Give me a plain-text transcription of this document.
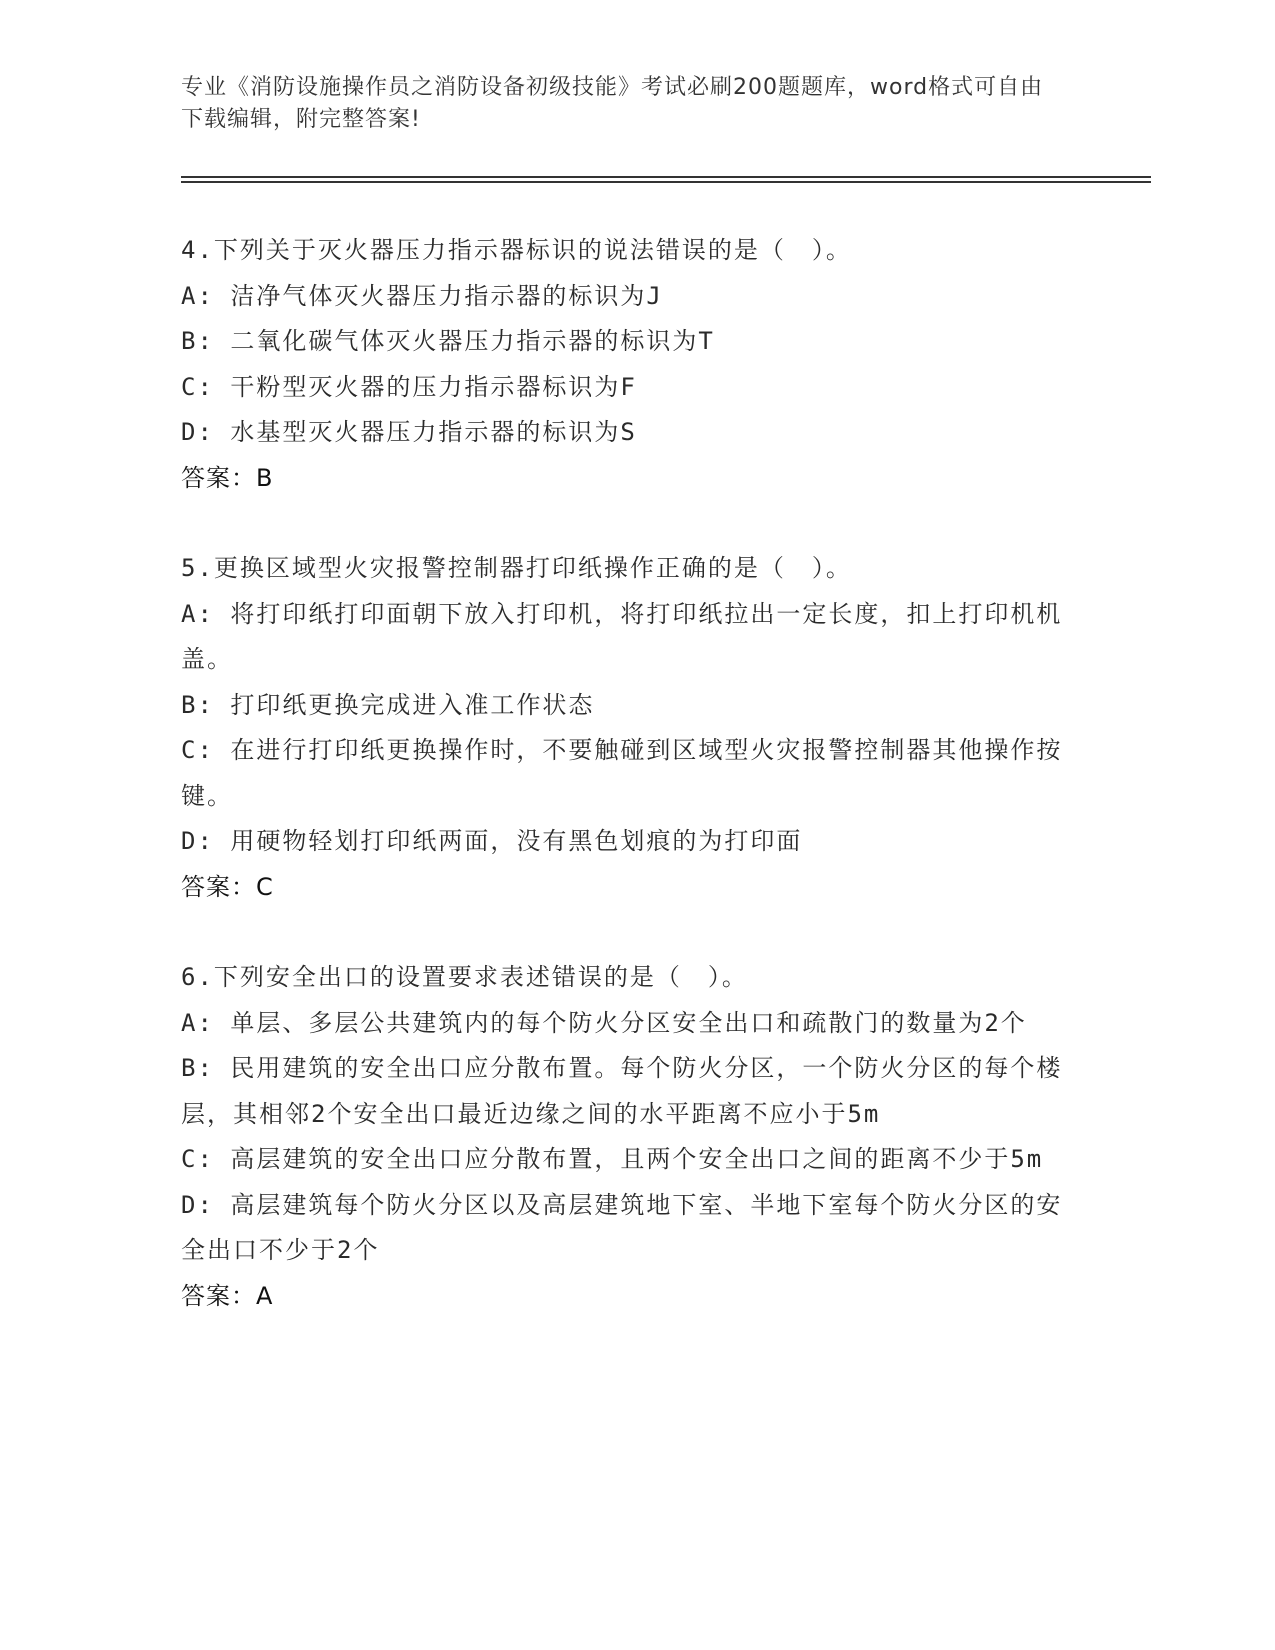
专业《消防设施操作员之消防设备初级技能》考试必刷200题题库，word格式可自由下载编辑，附完整答案!

4.下列关于灭火器压力指示器标识的说法错误的是（　）。

A: 洁净气体灭火器压力指示器的标识为J

B: 二氧化碳气体灭火器压力指示器的标识为T

C: 干粉型灭火器的压力指示器标识为F

D: 水基型灭火器压力指示器的标识为S

答案：B

5.更换区域型火灾报警控制器打印纸操作正确的是（　）。

A: 将打印纸打印面朝下放入打印机，将打印纸拉出一定长度，扣上打印机机盖。

B: 打印纸更换完成进入准工作状态

C: 在进行打印纸更换操作时，不要触碰到区域型火灾报警控制器其他操作按键。

D: 用硬物轻划打印纸两面，没有黑色划痕的为打印面

答案：C

6.下列安全出口的设置要求表述错误的是（　）。

A: 单层、多层公共建筑内的每个防火分区安全出口和疏散门的数量为2个

B: 民用建筑的安全出口应分散布置。每个防火分区，一个防火分区的每个楼层，其相邻2个安全出口最近边缘之间的水平距离不应小于5m

C: 高层建筑的安全出口应分散布置，且两个安全出口之间的距离不少于5m

D: 高层建筑每个防火分区以及高层建筑地下室、半地下室每个防火分区的安全出口不少于2个

答案：A
